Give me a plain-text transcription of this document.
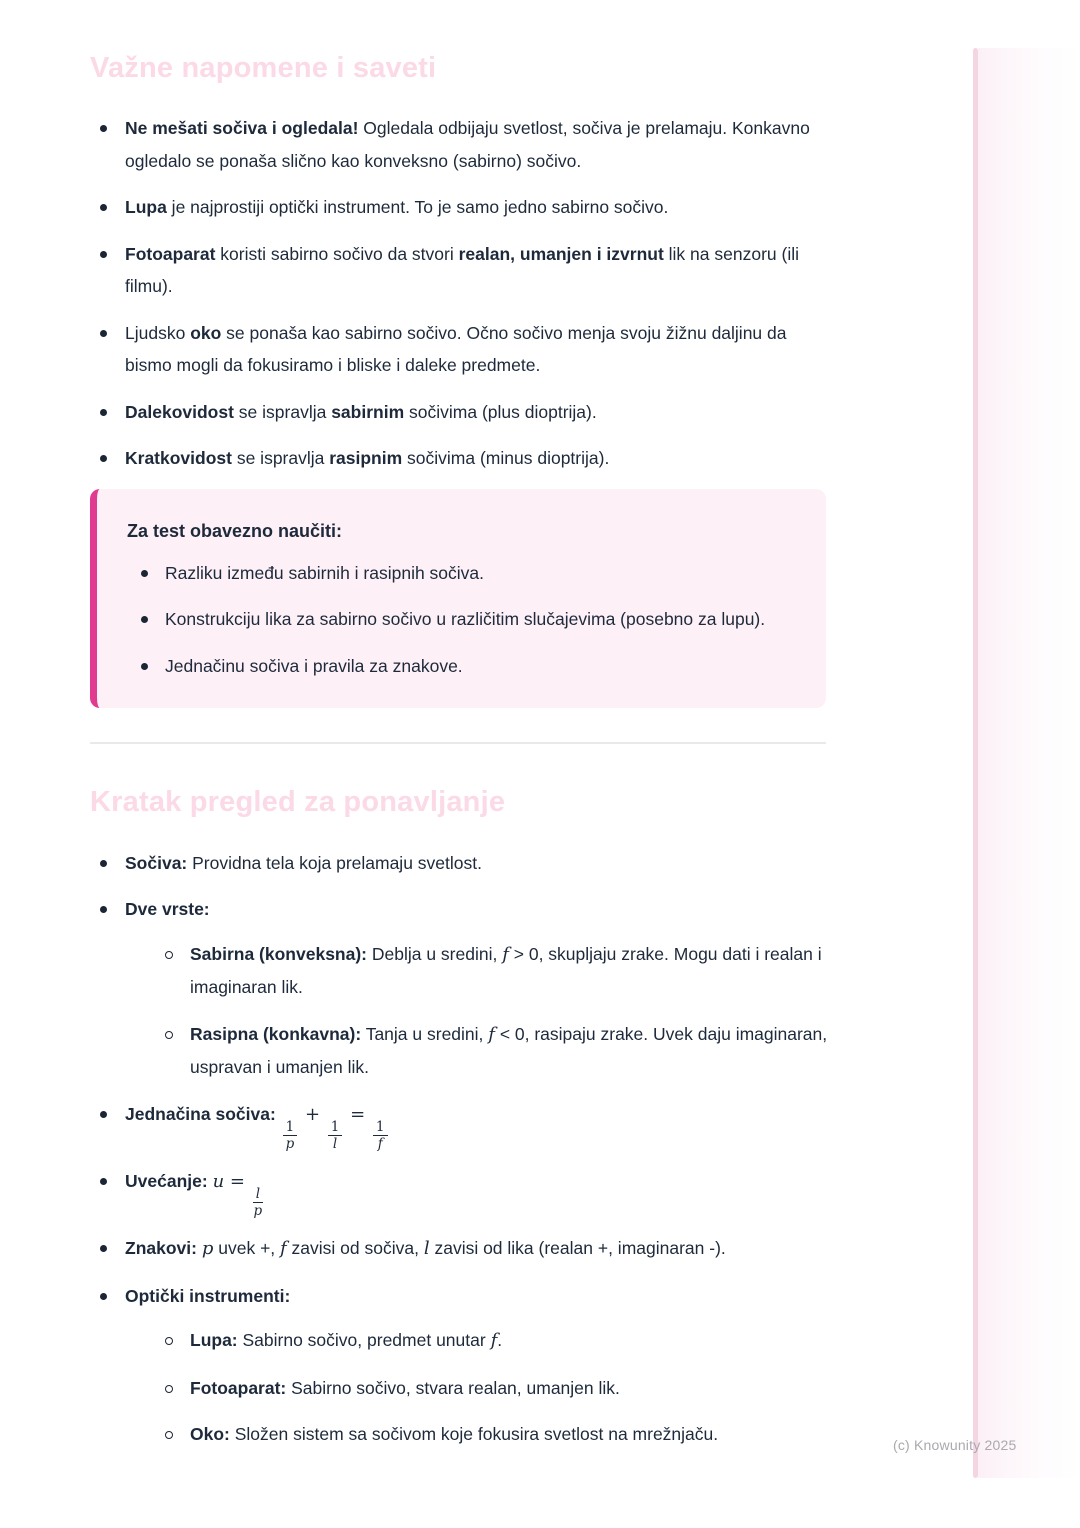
Važne napomene i saveti
Ne mešati sočiva i ogledala! Ogledala odbijaju svetlost, sočiva je prelamaju. Konkavno ogledalo se ponaša slično kao konveksno (sabirno) sočivo.
Lupa je najprostiji optički instrument. To je samo jedno sabirno sočivo.
Fotoaparat koristi sabirno sočivo da stvori realan, umanjen i izvrnut lik na senzoru (ili filmu).
Ljudsko oko se ponaša kao sabirno sočivo. Očno sočivo menja svoju žižnu daljinu da bismo mogli da fokusiramo i bliske i daleke predmete.
Dalekovidost se ispravlja sabirnim sočivima (plus dioptrija).
Kratkovidost se ispravlja rasipnim sočivima (minus dioptrija).
Za test obavezno naučiti:
Razliku između sabirnih i rasipnih sočiva.
Konstrukciju lika za sabirno sočivo u različitim slučajevima (posebno za lupu).
Jednačinu sočiva i pravila za znakove.
Kratak pregled za ponavljanje
Sočiva: Providna tela koja prelamaju svetlost.
Dve vrste:
Sabirna (konveksna): Deblja u sredini, f > 0, skupljaju zrake. Mogu dati i realan i imaginaran lik.
Rasipna (konkavna): Tanja u sredini, f < 0, rasipaju zrake. Uvek daju imaginaran, uspravan i umanjen lik.
Jednačina sočiva:
$\frac{1}{p}$
+
$\frac{1}{l}$
=
$\frac{1}{f}$
Uvećanje: u =
$\frac{l}{p}$
Znakovi: p uvek +, f zavisi od sočiva, l zavisi od lika (realan +, imaginaran -).
Optički instrumenti:
Lupa: Sabirno sočivo, predmet unutar f.
Fotoaparat: Sabirno sočivo, stvara realan, umanjen lik.
Oko: Složen sistem sa sočivom koje fokusira svetlost na mrežnjaču.
(c) Knowunity 2025
